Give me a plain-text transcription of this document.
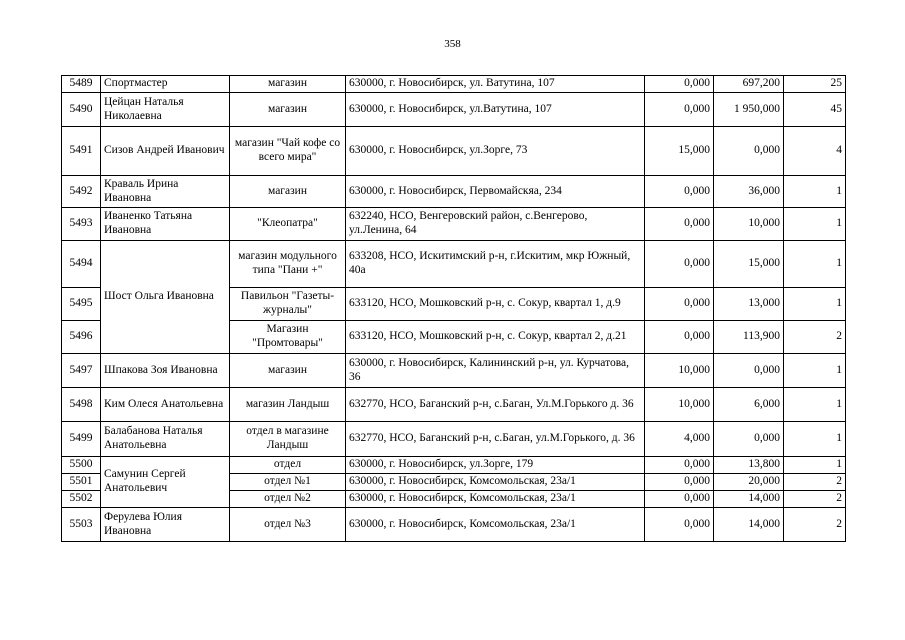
358
5489	Спортмастер	магазин	630000, г. Новосибирск, ул. Ватутина, 107	0,000	697,200	25
5490	Цейцан Наталья Николаевна	магазин	630000, г. Новосибирск, ул.Ватутина, 107	0,000	1 950,000	45
5491	Сизов Андрей Иванович	магазин "Чай кофе со всего мира"	630000, г. Новосибирск, ул.Зорге, 73	15,000	0,000	4
5492	Кравaль Ирина Ивановна	магазин	630000, г. Новосибирск, Первомайскяа, 234	0,000	36,000	1
5493	Иваненко Татьяна Ивановна	"Клеопатра"	632240, НСО, Венгеровский район, с.Венгерово, ул.Ленина, 64	0,000	10,000	1
5494	Шост Ольга Ивановна	магазин модульного типа "Пани +"	633208, НСО, Искитимский р-н, г.Искитим, мкр Южный, 40а	0,000	15,000	1
5495		Павильон "Газеты-журналы"	633120, НСО, Мошковский р-н, с. Сокур, квартал 1, д.9	0,000	13,000	1
5496		Магазин "Промтовары"	633120, НСО, Мошковский р-н, с. Сокур, квартал 2, д.21	0,000	113,900	2
5497	Шпакова Зоя Ивановна	магазин	630000, г. Новосибирск, Калининский р-н, ул. Курчатова, 36	10,000	0,000	1
5498	Ким Олеся Анатольевна	магазин Ландыш	632770, НСО, Баганский р-н, с.Баган, Ул.М.Горького д. 36	10,000	6,000	1
5499	Балабанова Наталья Анатольевна	отдел в магазине Ландыш	632770, НСО, Баганский р-н, с.Баган, ул.М.Горького, д. 36	4,000	0,000	1
5500	Самунин Сергей Анатольевич	отдел	630000, г. Новосибирск, ул.Зорге, 179	0,000	13,800	1
5501		отдел №1	630000, г. Новосибирск, Комсомольская, 23а/1	0,000	20,000	2
5502		отдел №2	630000, г. Новосибирск, Комсомольская, 23а/1	0,000	14,000	2
5503	Ферулева Юлия Ивановна	отдел №3	630000, г. Новосибирск, Комсомольская, 23а/1	0,000	14,000	2
